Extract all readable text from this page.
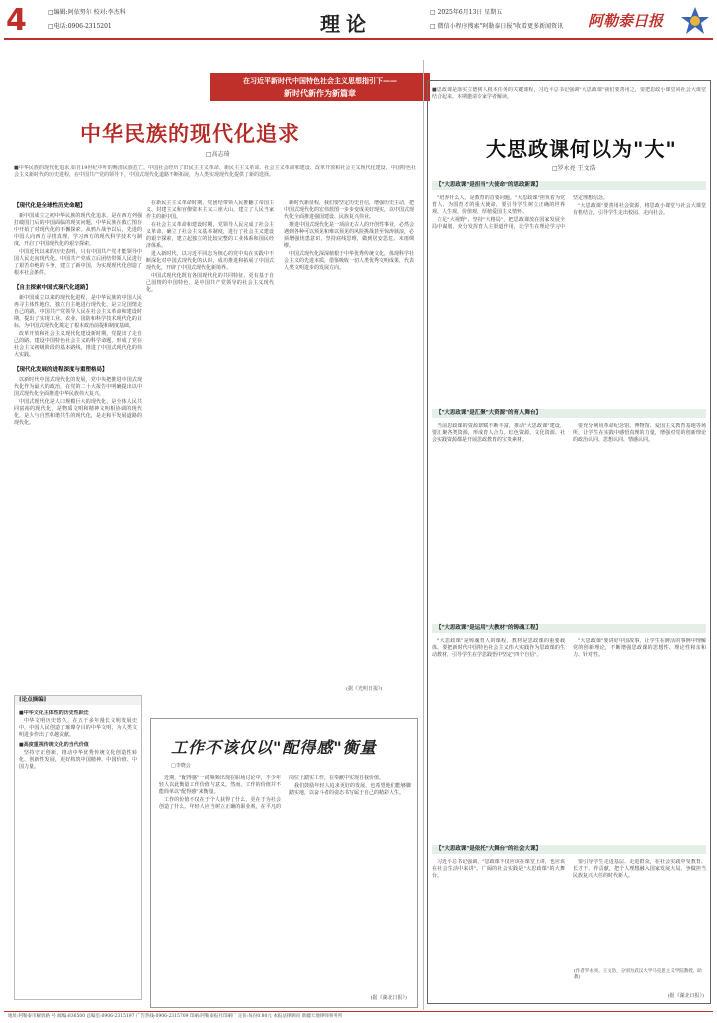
4	□编辑:阿依努尔 校对:李杰科
□电话:0906-2315201	理论	□ 2025年6月13日 星期五
□ 微信小程序搜索"阿勒泰日报"收看更多新闻资讯 阿勒泰日报
在习近平新时代中国特色社会主义思想指引下——
新时代新作为新篇章
中华民族的现代化追求
□高志琦
■中华民族的现代化追求,始自19世纪中叶的晚清民族危亡，中国社会经历了旧民主主义革命、新民主主义革命、社会主义革命和建设、改革开放和社会主义现代化建设、中国特色社会主义新时代的历史进程，在中国共产党的领导下，中国式现代化道路不断拓展，为人类实现现代化提供了新的选择。
【现代化是全球性历史命题】

新中国成立之初中华民族的现代化追求，是在西方列强打破国门后的中国面临的现实问题，中华民族在救亡图存中开始了对现代化的不懈探索。从鸦片战争以后，先进的中国人向西方寻找真理，学习西方的现代科学技术与制度，开启了中国现代化的艰辛探索。

中国近代以来的历史表明，只有中国共产党才能领导中国人民走向现代化。中国共产党成立后团结带领人民进行了艰苦卓绝的斗争，建立了新中国，为实现现代化创造了根本社会条件。

【自主探索中国式现代化道路】

新中国成立以来的现代化进程，是中华民族的中国人民再寻主体性地位，独立自主地进行现代化，是立足国情走自己的路。中国共产党领导人民在社会主义革命和建设时期，提出了实现工业、农业、国防和科学技术现代化的目标，为中国式现代化奠定了根本政治前提和制度基础。

改革开放和社会主义现代化建设新时期，党提出了走自己的路、建设中国特色社会主义的科学命题，形成了党在社会主义初级阶段的基本路线，推进了中国式现代化的伟大实践。

【现代化发展的进程深度与重塑格局】

以新时代中国式现代化的发展，党中央把推进中国式现代化作为最大的政治，在党的二十大报告中明确提出以中国式现代化全面推进中华民族伟大复兴。

中国式现代化是人口规模巨大的现代化，是全体人民共同富裕的现代化，是物质文明和精神文明相协调的现代化，是人与自然和谐共生的现代化，是走和平发展道路的现代化。

在新民主主义革命时期，党团结带领人民推翻了帝国主义、封建主义和官僚资本主义三座大山，建立了人民当家作主的新中国。

在社会主义革命和建设时期，党领导人民完成了社会主义革命，确立了社会主义基本制度，进行了社会主义建设的艰辛探索，建立起独立的比较完整的工业体系和国民经济体系。

进入新时代，以习近平同志为核心的党中央在实践中不断深化对中国式现代化的认识，成功推进和拓展了中国式现代化，开辟了中国式现代化新境界。

中国式现代化既有各国现代化的共同特征，更有基于自己国情的中国特色，是中国共产党领导的社会主义现代化。

新时代新征程，我们要坚定历史自信，增强历史主动，把中国式现代化的宏伟蓝图一步步变成美好现实，以中国式现代化全面推进强国建设、民族复兴伟业。

推进中国式现代化是一项前无古人的开创性事业，必然会遇到各种可以预见和难以预见的风险挑战甚至惊涛骇浪，必须增强忧患意识，坚持底线思维，做到居安思危、未雨绸缪。

中国式现代化深深植根于中华优秀传统文化，体现科学社会主义的先进本质，借鉴吸收一切人类优秀文明成果，代表人类文明进步的发展方向。

(据《光明日报》)
[论点摘编]

■中华文化主体性的历史性跃迁

中华文明历史悠久，在五千多年漫长文明发展史中，中国人民创造了璀璨夺目的中华文明，为人类文明进步作出了卓越贡献。

■高度重视传统文化的当代价值

坚持守正创新，推动中华优秀传统文化创造性转化、创新性发展，更好构筑中国精神、中国价值、中国力量。

工作不该仅以"配得感"衡量
□李晓会

近期，"配得感"一词频频出现在职场讨论中，不少年轻人以此衡量工作价值与意义。然而，工作的价值并不能简单以"配得感"来衡量。

工作的价值不仅在于个人获得了什么，更在于为社会创造了什么。年轻人应当树立正确的职业观，在平凡的岗位上踏实工作，在奉献中实现自我价值。

我们鼓励年轻人追求更好的发展，也希望他们能够脚踏实地，以奋斗者的姿态书写属于自己的精彩人生。

(据《湖北日报》)
■思政课是落实立德树人根本任务的关键课程，习近平总书记强调"大思政课"我们要善用之，要把思政小课堂同社会大课堂结合起来。本期邀请专家学者解读。
大思政课何以为"大"
□罗永亮 王文浩
【"大思政课"是担当"大使命"的思政新课】

"培养什么人，是教育的首要问题。"大思政课"担负着为党育人、为国育才的重大使命，要引导学生树立正确的世界观、人生观、价值观，厚植爱国主义情怀。

立足"大视野"，坚持"大格局"，把思政课放在国家发展全局中谋划，充分发挥育人主渠道作用，让学生在理论学习中坚定理想信念。

"大思政课"要善用社会资源，将思政小课堂与社会大课堂有机结合，引导学生走出校园、走向社会。

【"大思政课"是汇聚"大资源"的育人舞台】

当前思政课的资源禀赋不断丰富，推动"大思政课"建设，要汇聚各类资源，形成育人合力。红色资源、文化资源、社会实践资源都是开展思政教育的宝贵素材。

要充分利用革命纪念馆、博物馆、爱国主义教育基地等场所，让学生在实践中感悟真理的力量，增强对党的创新理论的政治认同、思想认同、情感认同。

【"大思政课"是运用"大教材"的铸魂工程】

"大思政课"是铸魂育人的课程，教材是思政课的重要载体。要把新时代中国特色社会主义伟大实践作为思政课的生动教材，引导学生在学思践悟中坚定"四个自信"。

"大思政课"要讲好中国故事，让学生在鲜活的事例中理解党的创新理论，不断增强思政课的思想性、理论性和亲和力、针对性。

【"大思政课"是依托"大舞台"的社会大课】

习近平总书记强调，"思政课不仅应该在课堂上讲，也应该在社会生活中来讲"。广阔的社会实践是"大思政课"的大舞台。

要引导学生走进基层、走进群众，在社会实践中受教育、长才干、作贡献，把个人理想融入国家发展大局，争做担当民族复兴大任的时代新人。

(作者罗永亮、王文浩，分别为武汉大学马克思主义学院教授、助教)
(据《湖北日报》)
地址:阿勒泰市解放路 号 邮编:836500 总编室:0906-2315197 广告热线:0906-2315709 印刷:阿勒泰报社印刷厂 定价:每份0.80元 本报法律顾问 新疆天地律师事务所
